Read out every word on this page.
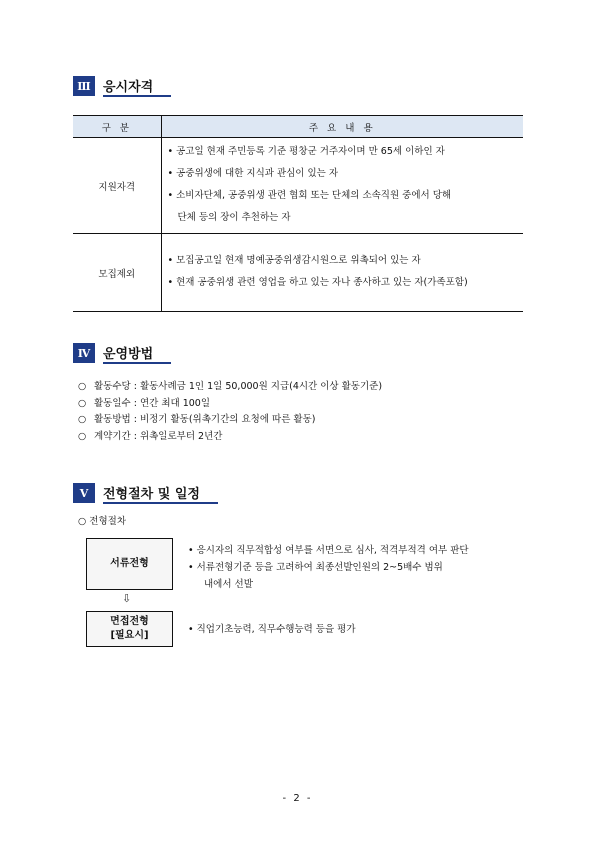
Ⅲ 응시자격
구 분	주 요 내 용
지원자격	• 공고일 현재 주민등록 기준 평창군 거주자이며 만 65세 이하인 자
• 공중위생에 대한 지식과 관심이 있는 자
• 소비자단체, 공중위생 관련 협회 또는 단체의 소속직원 중에서 당해
단체 등의 장이 추천하는 자

모집제외	• 모집공고일 현재 명예공중위생감시원으로 위촉되어 있는 자
• 현재 공중위생 관련 영업을 하고 있는 자나 종사하고 있는 자(가족포함)
Ⅳ 운영방법
○ 활동수당 : 활동사례금 1인 1일 50,000원 지급(4시간 이상 활동기준)
○ 활동일수 : 연간 최대 100일
○ 활동방법 : 비정기 활동(위촉기간의 요청에 따른 활동)
○ 계약기간 : 위촉일로부터 2년간
Ⅴ	전형절차 및 일정
○ 전형절차
서류전형
⇩
면접전형
[필요시]
• 응시자의 직무적합성 여부를 서면으로 심사, 적격부적격 여부 판단
• 서류전형기준 등을 고려하여 최종선발인원의 2~5배수 범위
내에서 선발
• 직업기초능력, 직무수행능력 등을 평가
- 2 -
